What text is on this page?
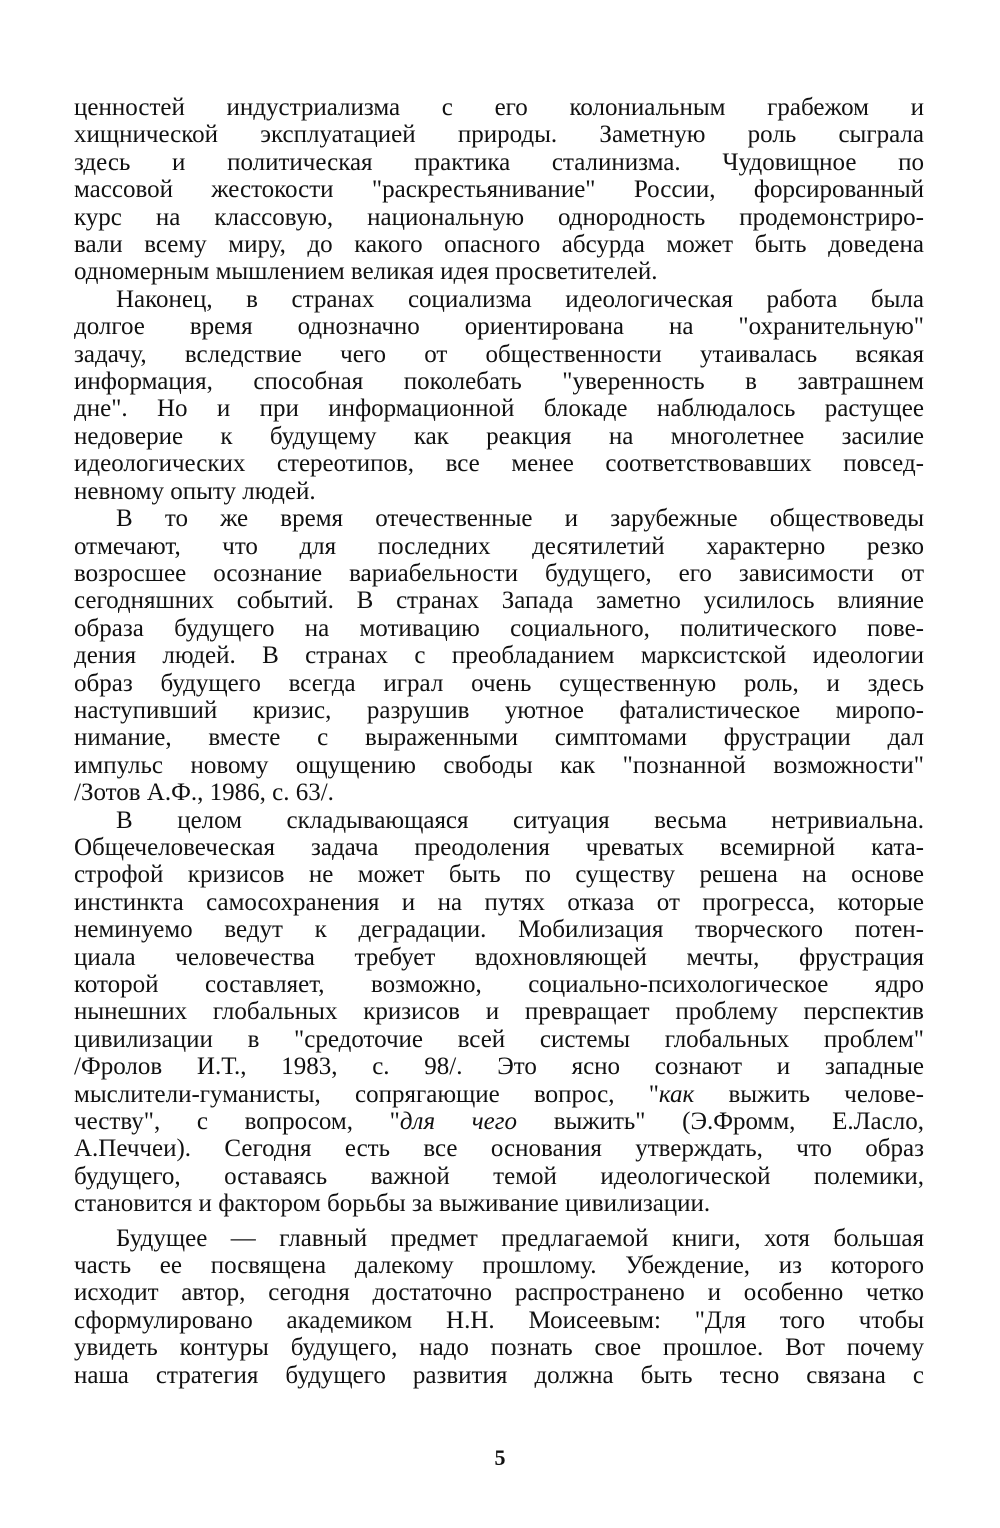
ценностей индустриализма с его колониальным грабежом и
хищнической эксплуатацией природы. Заметную роль сыграла
здесь и политическая практика сталинизма. Чудовищное по
массовой жестокости "раскрестьянивание" России, форсированный
курс на классовую, национальную однородность продемонстриро-
вали всему миру, до какого опасного абсурда может быть доведена
одномерным мышлением великая идея просветителей.
Наконец, в странах социализма идеологическая работа была
долгое время однозначно ориентирована на "охранительную"
задачу, вследствие чего от общественности утаивалась всякая
информация, способная поколебать "уверенность в завтрашнем
дне". Но и при информационной блокаде наблюдалось растущее
недоверие к будущему как реакция на многолетнее засилие
идеологических стереотипов, все менее соответствовавших повсед-
невному опыту людей.
В то же время отечественные и зарубежные обществоведы
отмечают, что для последних десятилетий характерно резко
возросшее осознание вариабельности будущего, его зависимости от
сегодняшних событий. В странах Запада заметно усилилось влияние
образа будущего на мотивацию социального, политического пове-
дения людей. В странах с преобладанием марксистской идеологии
образ будущего всегда играл очень существенную роль, и здесь
наступивший кризис, разрушив уютное фаталистическое миропо-
нимание, вместе с выраженными симптомами фрустрации дал
импульс новому ощущению свободы как "познанной возможности"
/Зотов А.Ф., 1986, с. 63/.
В целом складывающаяся ситуация весьма нетривиальна.
Общечеловеческая задача преодоления чреватых всемирной ката-
строфой кризисов не может быть по существу решена на основе
инстинкта самосохранения и на путях отказа от прогресса, которые
неминуемо ведут к деградации. Мобилизация творческого потен-
циала человечества требует вдохновляющей мечты, фрустрация
которой составляет, возможно, социально-психологическое ядро
нынешних глобальных кризисов и превращает проблему перспектив
цивилизации в "средоточие всей системы глобальных проблем"
/Фролов И.Т., 1983, с. 98/. Это ясно сознают и западные
мыслители-гуманисты, сопрягающие вопрос, "как выжить челове-
честву", с вопросом, "для чего выжить" (Э.Фромм, Е.Ласло,
А.Печчеи). Сегодня есть все основания утверждать, что образ
будущего, оставаясь важной темой идеологической полемики,
становится и фактором борьбы за выживание цивилизации.
Будущее — главный предмет предлагаемой книги, хотя большая
часть ее посвящена далекому прошлому. Убеждение, из которого
исходит автор, сегодня достаточно распространено и особенно четко
сформулировано академиком Н.Н. Моисеевым: "Для того чтобы
увидеть контуры будущего, надо познать свое прошлое. Вот почему
наша стратегия будущего развития должна быть тесно связана с
5
